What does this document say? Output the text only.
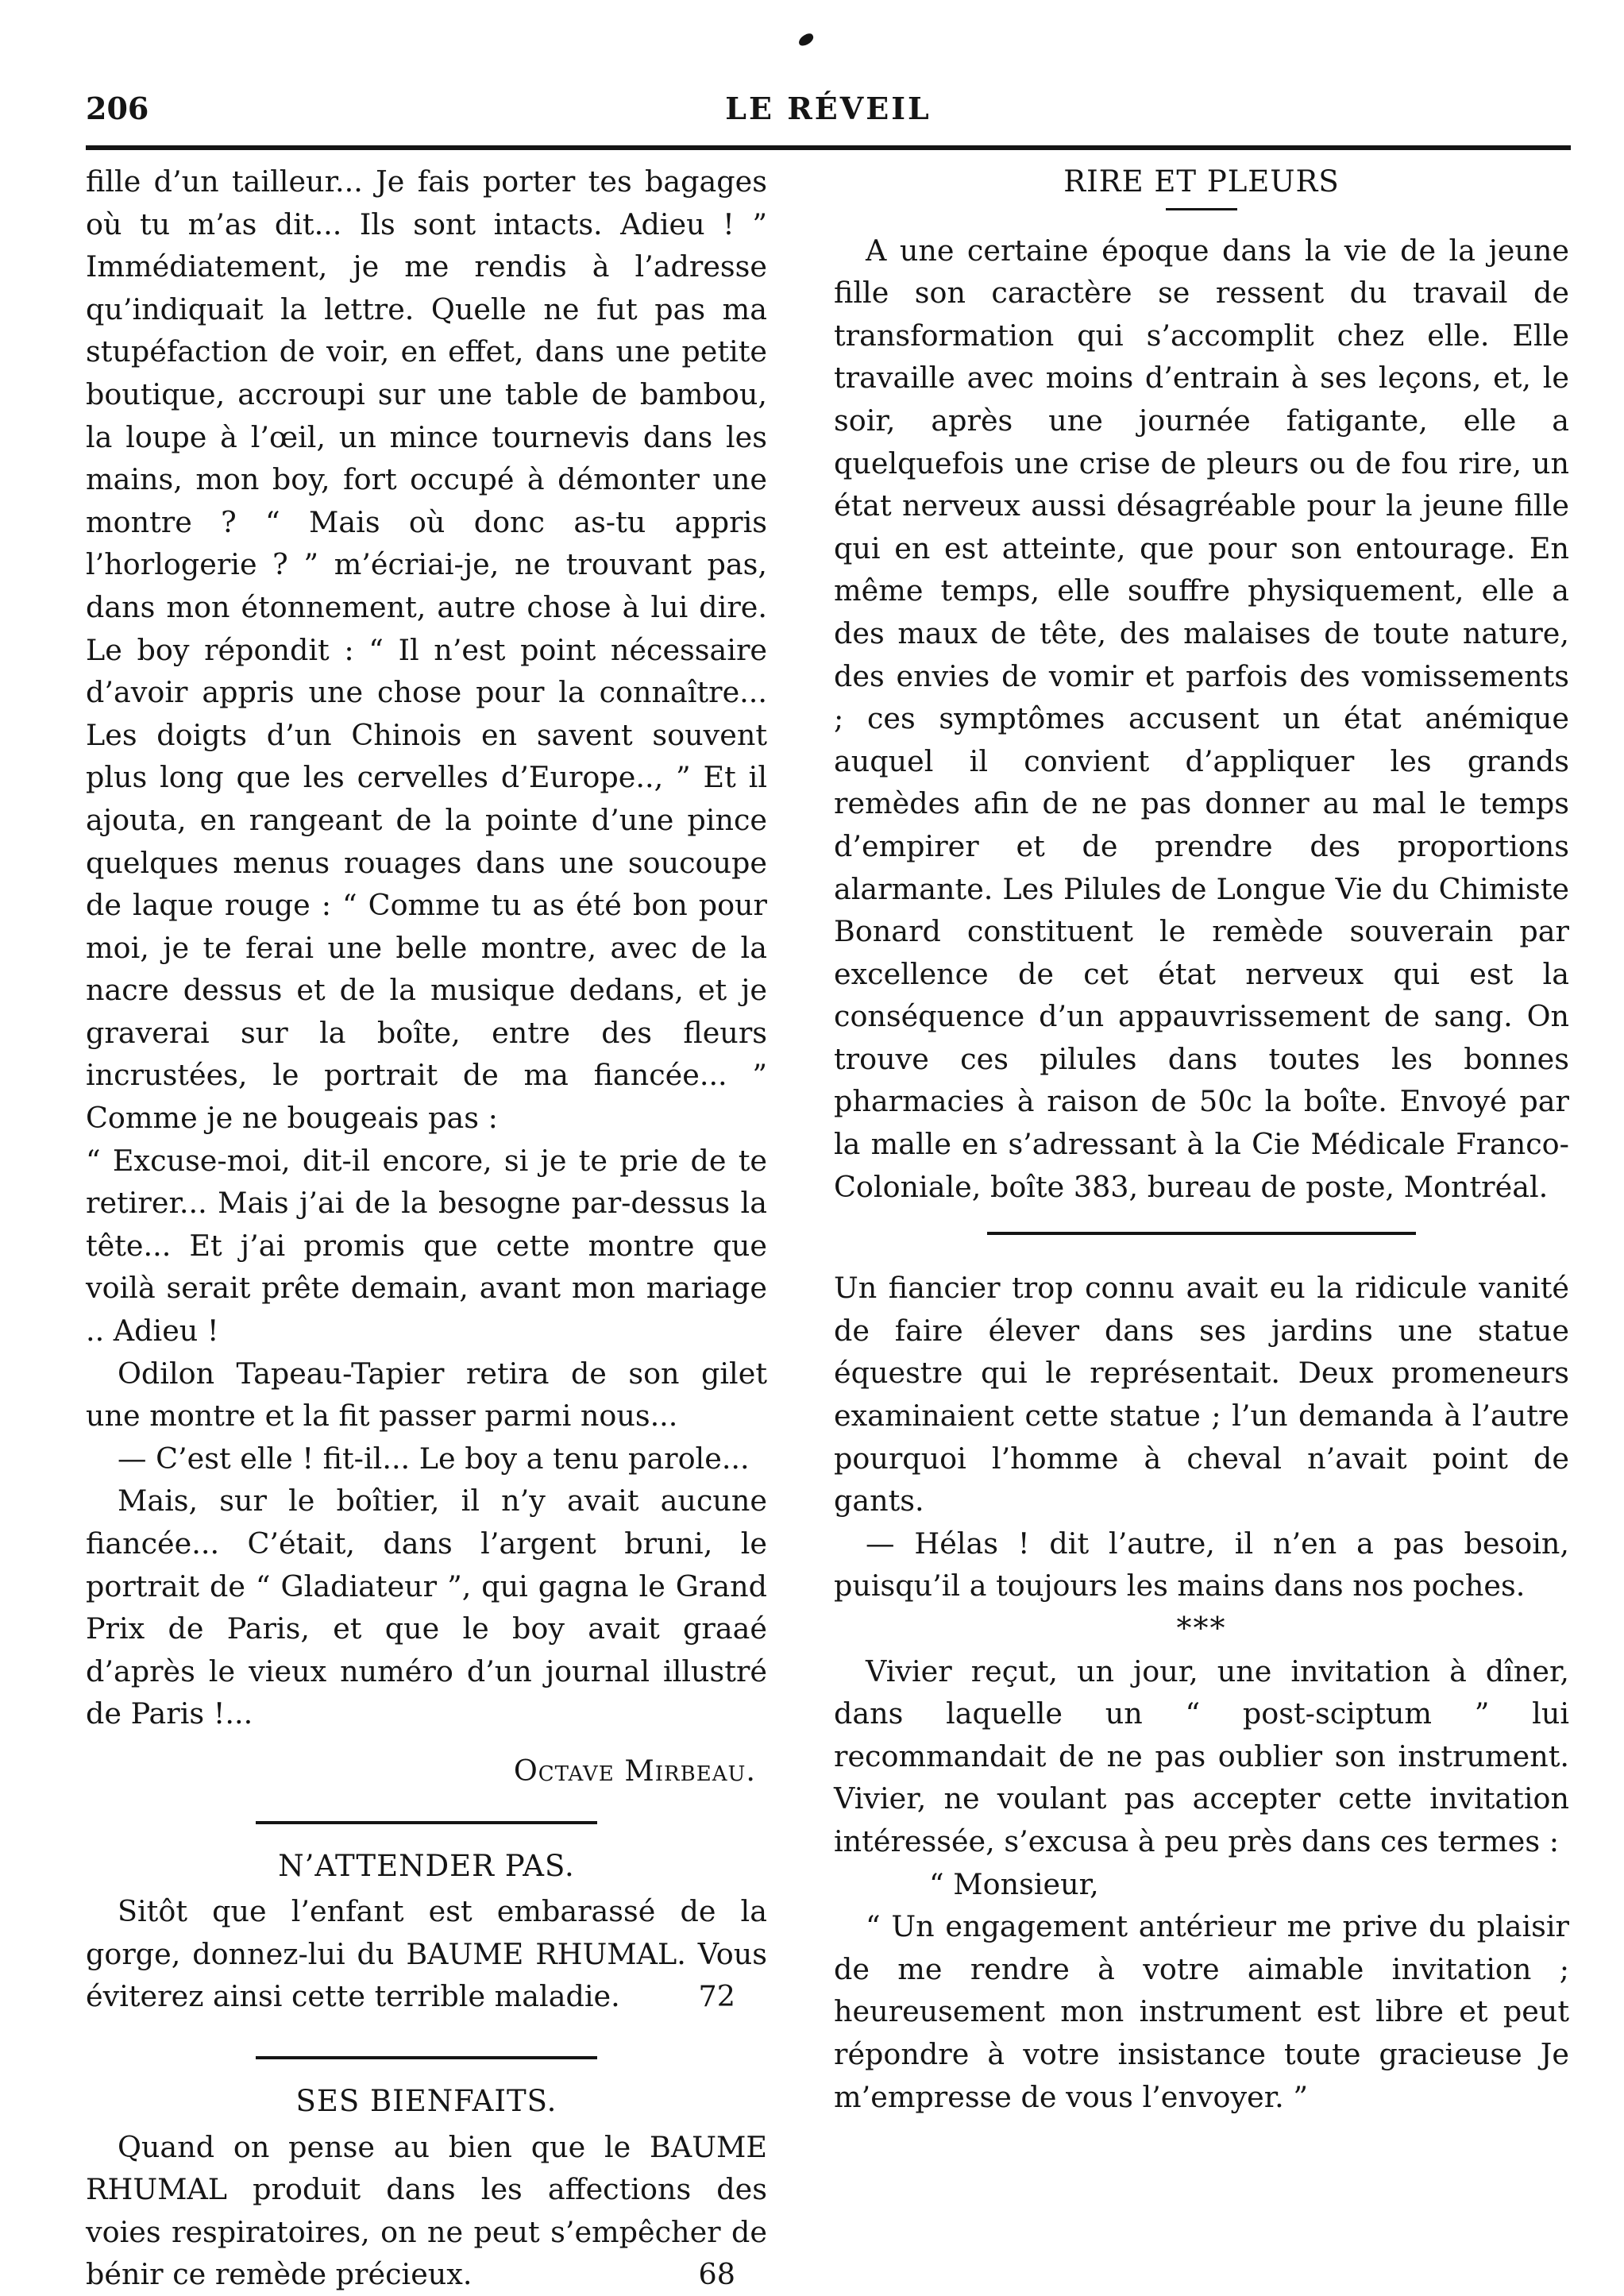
206	LE RÉVEIL

fille d’un tailleur... Je fais porter tes bagages où tu m’as dit... Ils sont intacts. Adieu ! ” Immédiatement, je me rendis à l’adresse qu’indiquait la lettre. Quelle ne fut pas ma stupéfaction de voir, en effet, dans une petite boutique, accroupi sur une table de bambou, la loupe à l’œil, un mince tournevis dans les mains, mon boy, fort occupé à démonter une montre ? “ Mais où donc as-tu appris l’horlogerie ? ” m’écriai-je, ne trouvant pas, dans mon étonnement, autre chose à lui dire. Le boy répondit : “ Il n’est point nécessaire d’avoir appris une chose pour la connaître... Les doigts d’un Chinois en savent souvent plus long que les cervelles d’Europe.., ” Et il ajouta, en rangeant de la pointe d’une pince quelques menus rouages dans une soucoupe de laque rouge : “ Comme tu as été bon pour moi, je te ferai une belle montre, avec de la nacre dessus et de la musique dedans, et je graverai sur la boîte, entre des fleurs incrustées, le portrait de ma fiancée... ” Comme je ne bougeais pas :

“ Excuse-moi, dit-il encore, si je te prie de te retirer... Mais j’ai de la besogne par-dessus la tête... Et j’ai promis que cette montre que voilà serait prête demain, avant mon mariage .. Adieu !

Odilon Tapeau-Tapier retira de son gilet une montre et la fit passer parmi nous...

— C’est elle ! fit-il... Le boy a tenu parole...

Mais, sur le boîtier, il n’y avait aucune fiancée... C’était, dans l’argent bruni, le portrait de “ Gladiateur ”, qui gagna le Grand Prix de Paris, et que le boy avait graaé d’après le vieux numéro d’un journal illustré de Paris !...

Octave Mirbeau.

N’ATTENDER PAS.

Sitôt que l’enfant est embarassé de la gorge, donnez-lui du BAUME RHUMAL. Vous éviterez ainsi cette terrible maladie.	72

SES BIENFAITS.

Quand on pense au bien que le BAUME RHUMAL produit dans les affections des voies respiratoires, on ne peut s’empêcher de bénir ce remède précieux.	68

RIRE ET PLEURS

A une certaine époque dans la vie de la jeune fille son caractère se ressent du travail de transformation qui s’accomplit chez elle. Elle travaille avec moins d’entrain à ses leçons, et, le soir, après une journée fatigante, elle a quelquefois une crise de pleurs ou de fou rire, un état nerveux aussi désagréable pour la jeune fille qui en est atteinte, que pour son entourage. En même temps, elle souffre physiquement, elle a des maux de tête, des malaises de toute nature, des envies de vomir et parfois des vomissements ; ces symptômes accusent un état anémique auquel il convient d’appliquer les grands remèdes afin de ne pas donner au mal le temps d’empirer et de prendre des proportions alarmante. Les Pilules de Longue Vie du Chimiste Bonard constituent le remède souverain par excellence de cet état nerveux qui est la conséquence d’un appauvrissement de sang. On trouve ces pilules dans toutes les bonnes pharmacies à raison de 50c la boîte. Envoyé par la malle en s’adressant à la Cie Médicale Franco-Coloniale, boîte 383, bureau de poste, Montréal.

Un fiancier trop connu avait eu la ridicule vanité de faire élever dans ses jardins une statue équestre qui le représentait. Deux promeneurs examinaient cette statue ; l’un demanda à l’autre pourquoi l’homme à cheval n’avait point de gants.

— Hélas ! dit l’autre, il n’en a pas besoin, puisqu’il a toujours les mains dans nos poches.

***

Vivier reçut, un jour, une invitation à dîner, dans laquelle un “ post-sciptum ” lui recommandait de ne pas oublier son instrument. Vivier, ne voulant pas accepter cette invitation intéressée, s’excusa à peu près dans ces termes :

“ Monsieur,

“ Un engagement antérieur me prive du plaisir de me rendre à votre aimable invitation ; heureusement mon instrument est libre et peut répondre à votre insistance toute gracieuse Je m’empresse de vous l’envoyer. ”
